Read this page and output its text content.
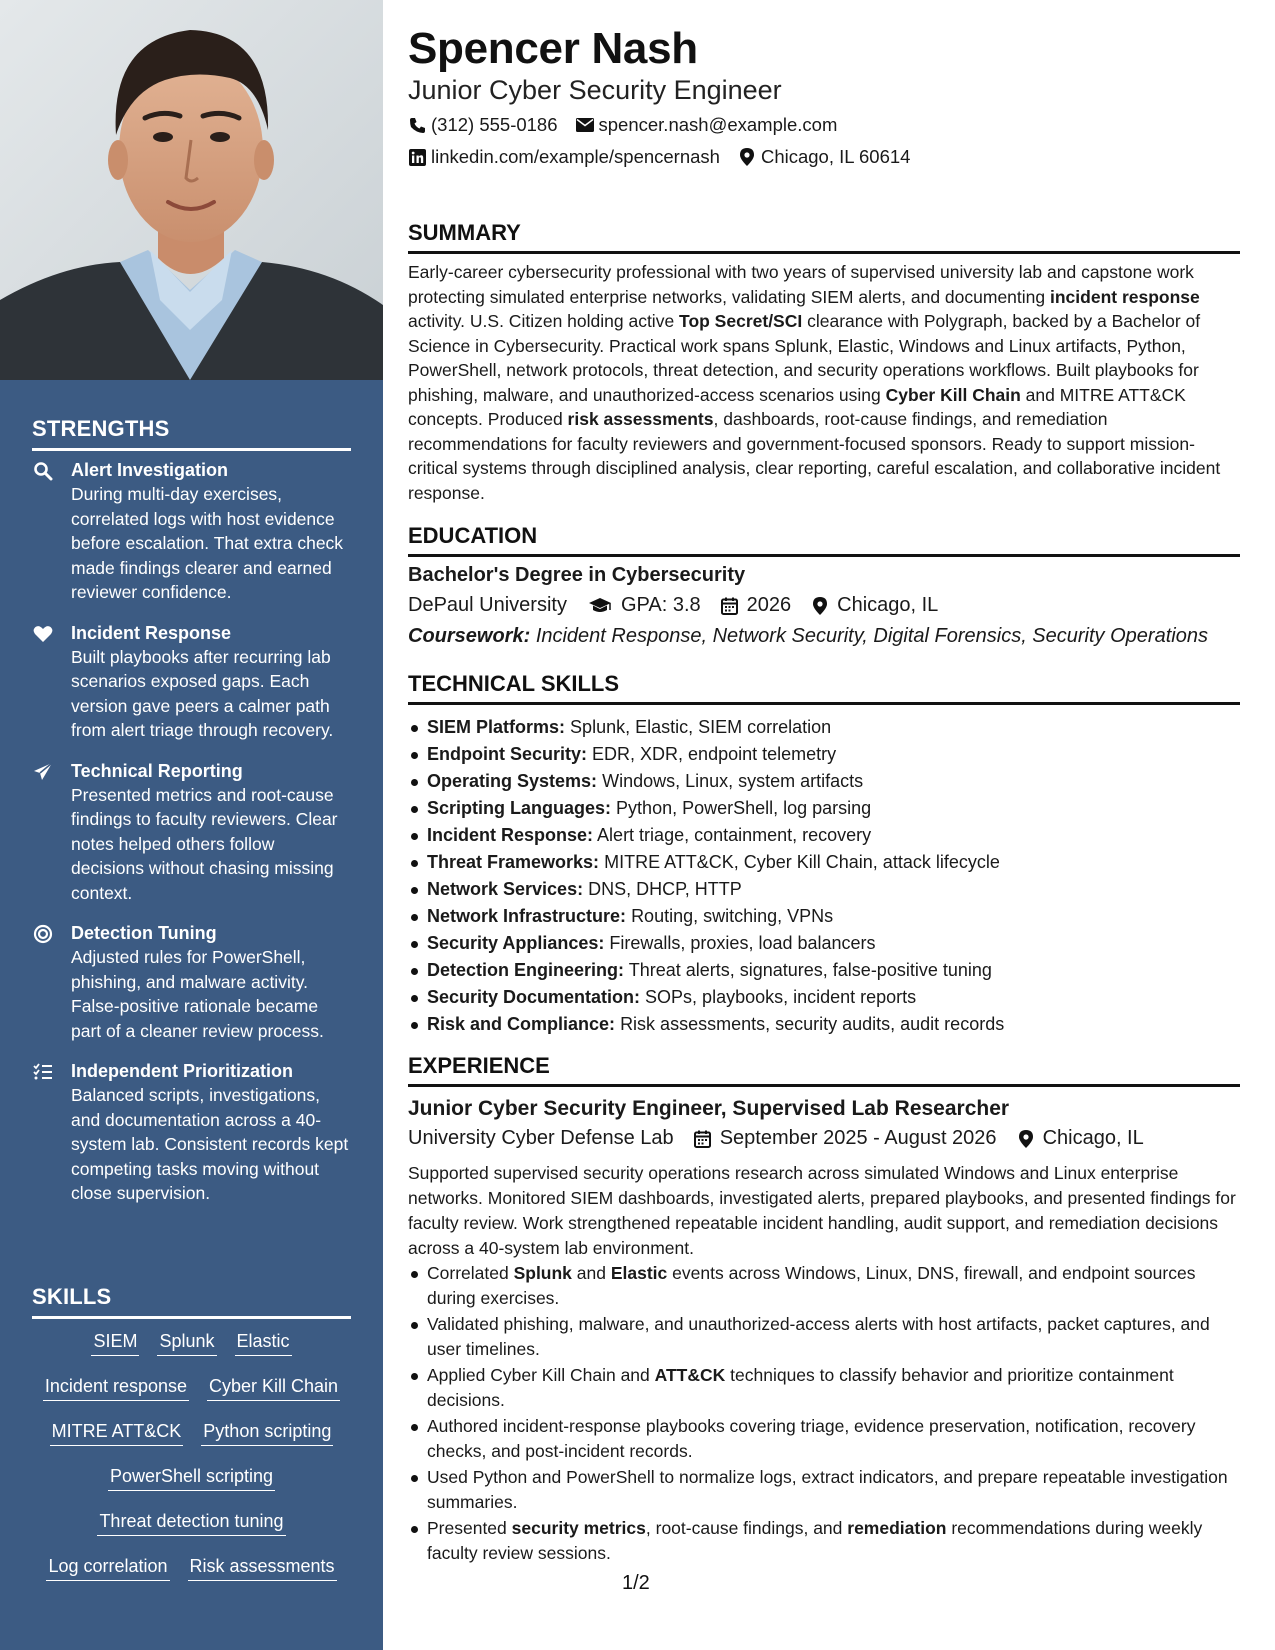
STRENGTHS
Alert Investigation
During multi-day exercises, correlated logs with host evidence before escalation. That extra check made findings clearer and earned reviewer confidence.
Incident Response
Built playbooks after recurring lab scenarios exposed gaps. Each version gave peers a calmer path from alert triage through recovery.
Technical Reporting
Presented metrics and root-cause findings to faculty reviewers. Clear notes helped others follow decisions without chasing missing context.
Detection Tuning
Adjusted rules for PowerShell, phishing, and malware activity. False-positive rationale became part of a cleaner review process.
Independent Prioritization
Balanced scripts, investigations, and documentation across a 40-system lab. Consistent records kept competing tasks moving without close supervision.
SKILLS
SIEM Splunk Elastic
Incident response Cyber Kill Chain
MITRE ATT&CK Python scripting
PowerShell scripting
Threat detection tuning
Log correlation Risk assessments
Spencer Nash
Junior Cyber Security Engineer
(312) 555-0186 spencer.nash@example.com
linkedin.com/example/spencernash Chicago, IL 60614
SUMMARY

Early-career cybersecurity professional with two years of supervised university lab and capstone work protecting simulated enterprise networks, validating SIEM alerts, and documenting incident response activity. U.S. Citizen holding active Top Secret/SCI clearance with Polygraph, backed by a Bachelor of Science in Cybersecurity. Practical work spans Splunk, Elastic, Windows and Linux artifacts, Python, PowerShell, network protocols, threat detection, and security operations workflows. Built playbooks for phishing, malware, and unauthorized-access scenarios using Cyber Kill Chain and MITRE ATT&CK concepts. Produced risk assessments, dashboards, root-cause findings, and remediation recommendations for faculty reviewers and government-focused sponsors. Ready to support mission-critical systems through disciplined analysis, clear reporting, careful escalation, and collaborative incident response.

EDUCATION
Bachelor's Degree in Cybersecurity
DePaul University	GPA: 3.8 2026 Chicago, IL
Coursework: Incident Response, Network Security, Digital Forensics, Security Operations
TECHNICAL SKILLS
SIEM Platforms: Splunk, Elastic, SIEM correlation
Endpoint Security: EDR, XDR, endpoint telemetry
Operating Systems: Windows, Linux, system artifacts
Scripting Languages: Python, PowerShell, log parsing
Incident Response: Alert triage, containment, recovery
Threat Frameworks: MITRE ATT&CK, Cyber Kill Chain, attack lifecycle
Network Services: DNS, DHCP, HTTP
Network Infrastructure: Routing, switching, VPNs
Security Appliances: Firewalls, proxies, load balancers
Detection Engineering: Threat alerts, signatures, false-positive tuning
Security Documentation: SOPs, playbooks, incident reports
Risk and Compliance: Risk assessments, security audits, audit records
EXPERIENCE
Junior Cyber Security Engineer, Supervised Lab Researcher
University Cyber Defense Lab September 2025 - August 2026 Chicago, IL

Supported supervised security operations research across simulated Windows and Linux enterprise networks. Monitored SIEM dashboards, investigated alerts, prepared playbooks, and presented findings for faculty review. Work strengthened repeatable incident handling, audit support, and remediation decisions across a 40-system lab environment.

Correlated Splunk and Elastic events across Windows, Linux, DNS, firewall, and endpoint sources during exercises.
Validated phishing, malware, and unauthorized-access alerts with host artifacts, packet captures, and user timelines.
Applied Cyber Kill Chain and ATT&CK techniques to classify behavior and prioritize containment decisions.
Authored incident-response playbooks covering triage, evidence preservation, notification, recovery checks, and post-incident records.
Used Python and PowerShell to normalize logs, extract indicators, and prepare repeatable investigation summaries.
Presented security metrics, root-cause findings, and remediation recommendations during weekly faculty review sessions.
1/2
